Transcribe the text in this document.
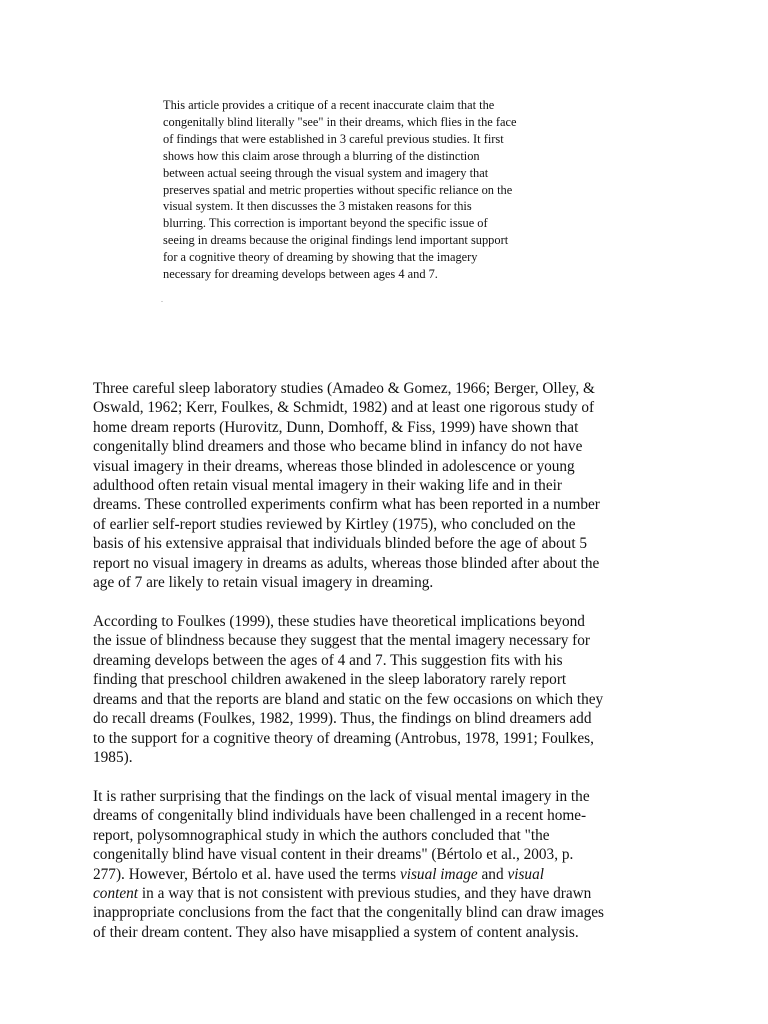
This article provides a critique of a recent inaccurate claim that the
congenitally blind literally "see" in their dreams, which flies in the face
of findings that were established in 3 careful previous studies. It first
shows how this claim arose through a blurring of the distinction
between actual seeing through the visual system and imagery that
preserves spatial and metric properties without specific reliance on the
visual system. It then discusses the 3 mistaken reasons for this
blurring. This correction is important beyond the specific issue of
seeing in dreams because the original findings lend important support
for a cognitive theory of dreaming by showing that the imagery
necessary for dreaming develops between ages 4 and 7.
.

Three careful sleep laboratory studies (Amadeo & Gomez, 1966; Berger, Olley, &
Oswald, 1962; Kerr, Foulkes, & Schmidt, 1982) and at least one rigorous study of
home dream reports (Hurovitz, Dunn, Domhoff, & Fiss, 1999) have shown that
congenitally blind dreamers and those who became blind in infancy do not have
visual imagery in their dreams, whereas those blinded in adolescence or young
adulthood often retain visual mental imagery in their waking life and in their
dreams. These controlled experiments confirm what has been reported in a number
of earlier self-report studies reviewed by Kirtley (1975), who concluded on the
basis of his extensive appraisal that individuals blinded before the age of about 5
report no visual imagery in dreams as adults, whereas those blinded after about the
age of 7 are likely to retain visual imagery in dreaming.

According to Foulkes (1999), these studies have theoretical implications beyond
the issue of blindness because they suggest that the mental imagery necessary for
dreaming develops between the ages of 4 and 7. This suggestion fits with his
finding that preschool children awakened in the sleep laboratory rarely report
dreams and that the reports are bland and static on the few occasions on which they
do recall dreams (Foulkes, 1982, 1999). Thus, the findings on blind dreamers add
to the support for a cognitive theory of dreaming (Antrobus, 1978, 1991; Foulkes,
1985).

It is rather surprising that the findings on the lack of visual mental imagery in the
dreams of congenitally blind individuals have been challenged in a recent home-
report, polysomnographical study in which the authors concluded that "the
congenitally blind have visual content in their dreams" (Bértolo et al., 2003, p.
277). However, Bértolo et al. have used the terms visual image and visual
content in a way that is not consistent with previous studies, and they have drawn
inappropriate conclusions from the fact that the congenitally blind can draw images
of their dream content. They also have misapplied a system of content analysis.
